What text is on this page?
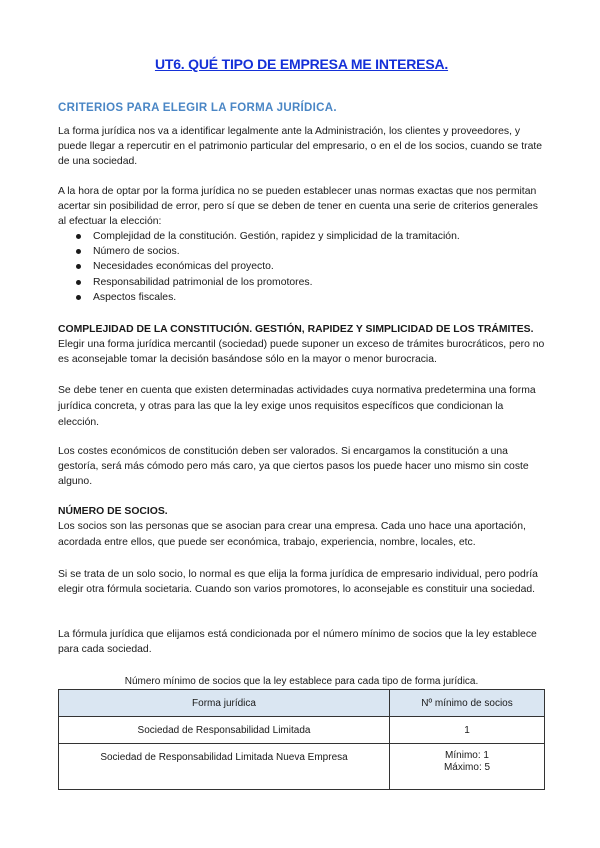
UT6. QUÉ TIPO DE EMPRESA ME INTERESA.
CRITERIOS PARA ELEGIR LA FORMA JURÍDICA.

La forma jurídica nos va a identificar legalmente ante la Administración, los clientes y proveedores, y puede llegar a repercutir en el patrimonio particular del empresario, o en el de los socios, cuando se trate de una sociedad.

A la hora de optar por la forma jurídica no se pueden establecer unas normas exactas que nos permitan acertar sin posibilidad de error, pero sí que se deben de tener en cuenta una serie de criterios generales al efectuar la elección:

Complejidad de la constitución. Gestión, rapidez y simplicidad de la tramitación.
Número de socios.
Necesidades económicas del proyecto.
Responsabilidad patrimonial de los promotores.
Aspectos fiscales.

COMPLEJIDAD DE LA CONSTITUCIÓN. GESTIÓN, RAPIDEZ Y SIMPLICIDAD DE LOS TRÁMITES.

Elegir una forma jurídica mercantil (sociedad) puede suponer un exceso de trámites burocráticos, pero no es aconsejable tomar la decisión basándose sólo en la mayor o menor burocracia.

Se debe tener en cuenta que existen determinadas actividades cuya normativa predetermina una forma jurídica concreta, y otras para las que la ley exige unos requisitos específicos que condicionan la elección.

Los costes económicos de constitución deben ser valorados. Si encargamos la constitución a una gestoría, será más cómodo pero más caro, ya que ciertos pasos los puede hacer uno mismo sin coste alguno.

NÚMERO DE SOCIOS.

Los socios son las personas que se asocian para crear una empresa. Cada uno hace una aportación, acordada entre ellos, que puede ser económica, trabajo, experiencia, nombre, locales, etc.

Si se trata de un solo socio, lo normal es que elija la forma jurídica de empresario individual, pero podría elegir otra fórmula societaria. Cuando son varios promotores, lo aconsejable es constituir una sociedad.

La fórmula jurídica que elijamos está condicionada por el número mínimo de socios que la ley establece para cada sociedad.

Número mínimo de socios que la ley establece para cada tipo de forma jurídica.
Forma jurídica	Nº mínimo de socios
Sociedad de Responsabilidad Limitada	1
Sociedad de Responsabilidad Limitada Nueva Empresa	Mínimo: 1
Máximo: 5
